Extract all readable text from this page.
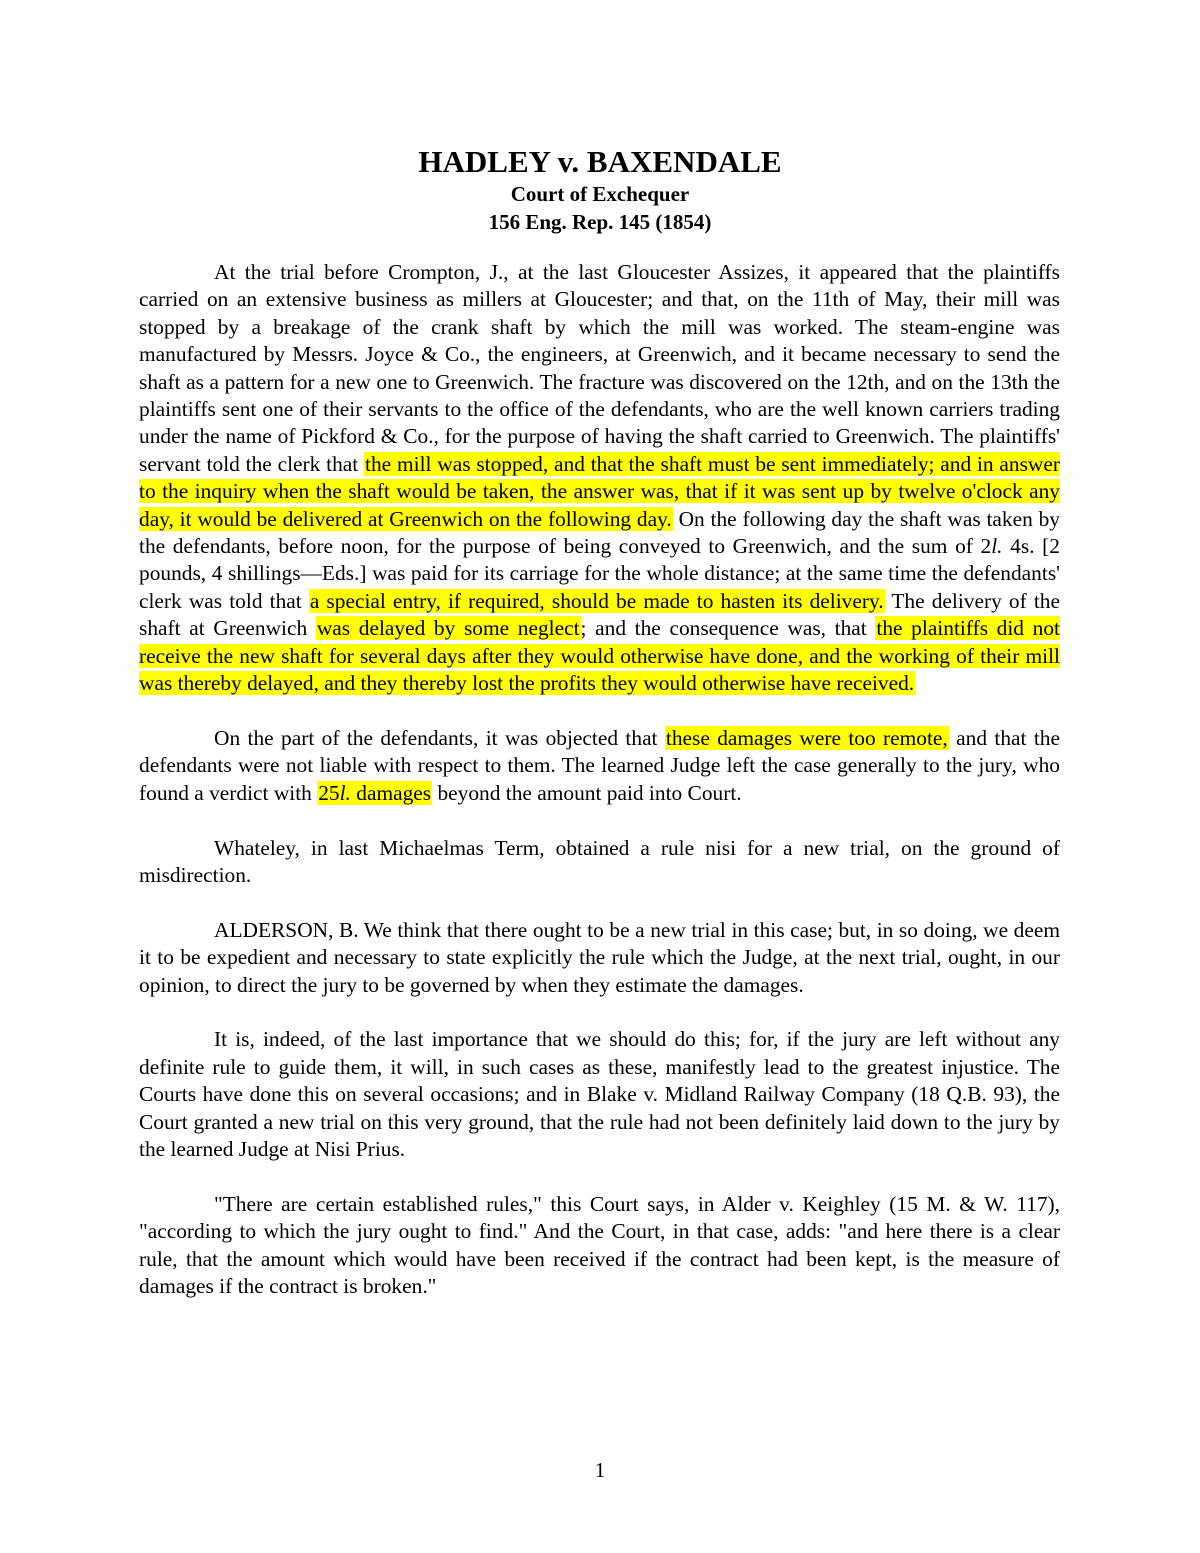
HADLEY v. BAXENDALE
Court of Exchequer
156 Eng. Rep. 145 (1854)

At the trial before Crompton, J., at the last Gloucester Assizes, it appeared that the plaintiffs carried on an extensive business as millers at Gloucester; and that, on the 11th of May, their mill was stopped by a breakage of the crank shaft by which the mill was worked. The steam-engine was manufactured by Messrs. Joyce & Co., the engineers, at Greenwich, and it became necessary to send the shaft as a pattern for a new one to Greenwich. The fracture was discovered on the 12th, and on the 13th the plaintiffs sent one of their servants to the office of the defendants, who are the well known carriers trading under the name of Pickford & Co., for the purpose of having the shaft carried to Greenwich. The plaintiffs' servant told the clerk that the mill was stopped, and that the shaft must be sent immediately; and in answer to the inquiry when the shaft would be taken, the answer was, that if it was sent up by twelve o'clock any day, it would be delivered at Greenwich on the following day. On the following day the shaft was taken by the defendants, before noon, for the purpose of being conveyed to Greenwich, and the sum of 2l. 4s. [2 pounds, 4 shillings—Eds.] was paid for its carriage for the whole distance; at the same time the defendants' clerk was told that a special entry, if required, should be made to hasten its delivery. The delivery of the shaft at Greenwich was delayed by some neglect; and the consequence was, that the plaintiffs did not receive the new shaft for several days after they would otherwise have done, and the working of their mill was thereby delayed, and they thereby lost the profits they would otherwise have received.

On the part of the defendants, it was objected that these damages were too remote, and that the defendants were not liable with respect to them. The learned Judge left the case generally to the jury, who found a verdict with 25l. damages beyond the amount paid into Court.

Whateley, in last Michaelmas Term, obtained a rule nisi for a new trial, on the ground of misdirection.

ALDERSON, B. We think that there ought to be a new trial in this case; but, in so doing, we deem it to be expedient and necessary to state explicitly the rule which the Judge, at the next trial, ought, in our opinion, to direct the jury to be governed by when they estimate the damages.

It is, indeed, of the last importance that we should do this; for, if the jury are left without any definite rule to guide them, it will, in such cases as these, manifestly lead to the greatest injustice. The Courts have done this on several occasions; and in Blake v. Midland Railway Company (18 Q.B. 93), the Court granted a new trial on this very ground, that the rule had not been definitely laid down to the jury by the learned Judge at Nisi Prius.

"There are certain established rules," this Court says, in Alder v. Keighley (15 M. & W. 117), "according to which the jury ought to find." And the Court, in that case, adds: "and here there is a clear rule, that the amount which would have been received if the contract had been kept, is the measure of damages if the contract is broken."

1
